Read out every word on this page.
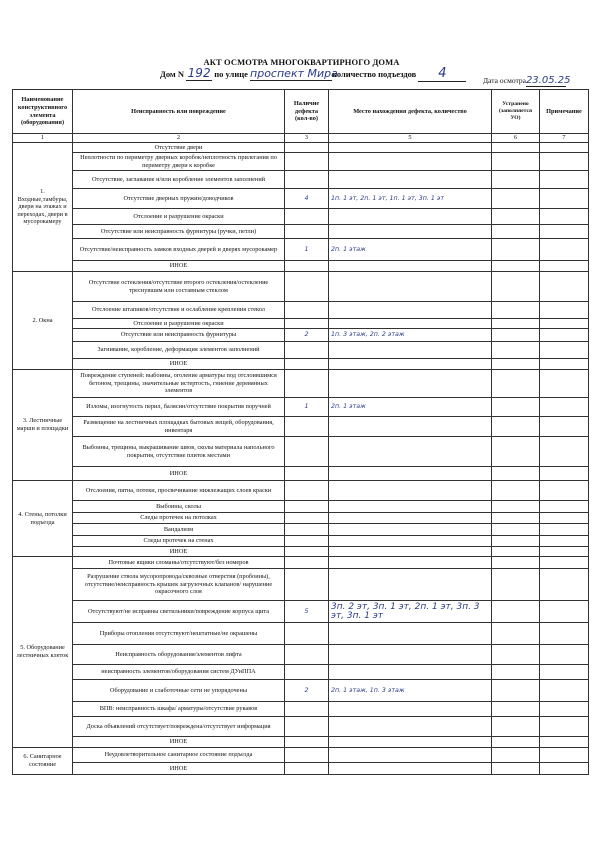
АКТ ОСМОТРА МНОГОКВАРТИРНОГО ДОМА
Дом N 192 по улице проспект Мираколичество подъездов 4	Дата осмотра23.05.25
Наименование конструктивного элемента (оборудования)	Неисправность или повреждение	Наличие дефекта (кол-во)	Место нахождения дефекта, количество	Устранено (заполняется УО)	Примечание
1	2	3	5	6	7
1. Входные,тамбуры, двери на этажах и переходах, двери в мусорокамеру	Отсутствие двери				
	Неплотности по периметру дверных коробок/неплотность прилегания по периметру двери к коробке				
	Отсутствие, заглавание и/или коробление элементов заполнений				
	Отсутствие дверных пружин/доводчиков	4	1п. 1 эт, 2п. 1 эт, 1п. 1 эт, 3п. 1 эт		
	Отслоение и разрушение окраски				
	Отсутствие или неисправность фурнитуры (ручки, петли)				
	Отсутствие/неисправность замков входных дверей и дверях мусорокамер	1	2п. 1 этаж		
	ИНОЕ				
2. Окна	Отсутствие остекления/отсутствие второго остекления/остекление треснувшим или составным стеклом				
	Отслоение штапиков/отсутствие и ослабление крепления стекол				
	Отслоение и разрушение окраски				
	Отсутствие или неисправность фурнитуры	2	1п. 3 этаж, 2п. 2 этаж		
	Загнивание, коробление, деформация элементов заполнений				
	ИНОЕ				
3. Лестничные марши и площадки	Повреждение ступеней: выбоины, оголение арматуры под отслоившимся бетоном, трещины, значительные истертость, гниение деревянных элементов				
	Изломы, изогнутость перил, балясин/отсутствие покрытия поручней	1	2п. 1 этаж		
	Размещение на лестничных площадках бытовых вещей, оборудования, инвентаря				
	Выбоины, трещины, выкрашивание швов, сколы материала напольного покрытия, отсутствие плиток местами				
	ИНОЕ				
4. Стены, потолки подъезда	Отслоения, пятна, потеки, просвечивание нижлежащих слоев краски				
	Выбоины, сколы				
	Следы протечек на потолках				
	Вандализм				
	Следы протечек на стенах				
	ИНОЕ				
5. Оборудование лестничных клеток	Почтовые ящики сломаны/отсутствуют/без номеров				
	Разрушение ствола мусоропровода/сквозные отверстия (пробоины), отсутствие/неисправность крышек загрузочных клапанов/ нарушение окрасочного слоя				
	Отсутствуют/не исправны светильники/повреждение корпуса щита	5	3п. 2 эт, 3п. 1 эт, 2п. 1 эт, 3п. 3 эт, 3п. 1 эт		
	Приборы отопления отсутствуют/нештатные/не окрашены				
	Неисправность оборудования/элементов лифта				
	неисправность элементов/оборудования систем ДУиППА				
	Оборудование и слаботочные сети не упорядочены	2	2п. 1 этаж, 1п. 3 этаж		
	ВПВ: неисправность шкафа/ арматуры/отсутствие рукавов				
	Доска объявлений отсутствует/повреждена/отсутствует информация				
	ИНОЕ				
6. Санитарное состояние	Неудовлетворительное санитарное состояние подъезда				
	ИНОЕ				
